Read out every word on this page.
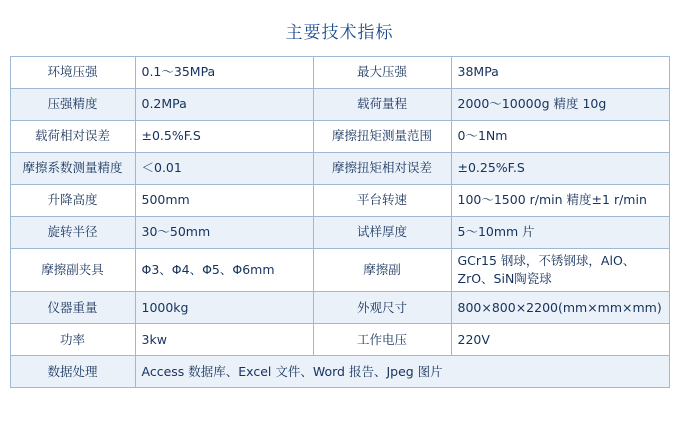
主要技术指标
环境压强	0.1～35MPa	最大压强	38MPa
压强精度	0.2MPa	载荷量程	2000～10000g 精度 10g
载荷相对误差	±0.5%F.S	摩擦扭矩测量范围	0～1Nm
摩擦系数测量精度	＜0.01	摩擦扭矩相对误差	±0.25%F.S
升降高度	500mm	平台转速	100～1500 r/min 精度±1 r/min
旋转半径	30～50mm	试样厚度	5～10mm 片
摩擦副夹具	Φ3、Φ4、Φ5、Φ6mm	摩擦副	GCr15 钢球，不锈钢球，AlO、ZrO、SiN陶瓷球
仪器重量	1000kg	外观尺寸	800×800×2200(mm×mm×mm)
功率	3kw	工作电压	220V
数据处理	Access 数据库、Excel 文件、Word 报告、Jpeg 图片		
